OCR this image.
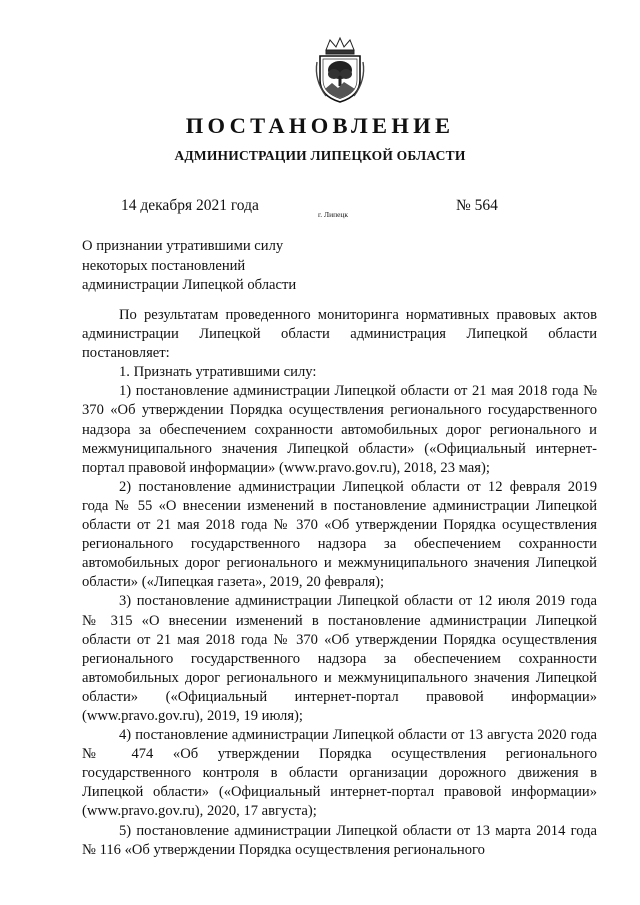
ПОСТАНОВЛЕНИЕ
АДМИНИСТРАЦИИ ЛИПЕЦКОЙ ОБЛАСТИ
14 декабря 2021 года
г. Липецк
№ 564
О признании утратившими силу
некоторых постановлений
администрации Липецкой области

По результатам проведенного мониторинга нормативных правовых актов администрации Липецкой области администрация Липецкой области постановляет:

1. Признать утратившими силу:

1) постановление администрации Липецкой области от 21 мая 2018 года № 370 «Об утверждении Порядка осуществления регионального государственного надзора за обеспечением сохранности автомобильных дорог регионального и межмуниципального значения Липецкой области» («Официальный интернет-портал правовой информации» (www.pravo.gov.ru), 2018, 23 мая);

2) постановление администрации Липецкой области от 12 февраля 2019 года № 55 «О внесении изменений в постановление администрации Липецкой области от 21 мая 2018 года № 370 «Об утверждении Порядка осуществления регионального государственного надзора за обеспечением сохранности автомобильных дорог регионального и межмуниципального значения Липецкой области» («Липецкая газета», 2019, 20 февраля);

3) постановление администрации Липецкой области от 12 июля 2019 года № 315 «О внесении изменений в постановление администрации Липецкой области от 21 мая 2018 года № 370 «Об утверждении Порядка осуществления регионального государственного надзора за обеспечением сохранности автомобильных дорог регионального и межмуниципального значения Липецкой области» («Официальный интернет-портал правовой информации» (www.pravo.gov.ru), 2019, 19 июля);

4) постановление администрации Липецкой области от 13 августа 2020 года № 474 «Об утверждении Порядка осуществления регионального государственного контроля в области организации дорожного движения в Липецкой области» («Официальный интернет-портал правовой информации» (www.pravo.gov.ru), 2020, 17 августа);

5) постановление администрации Липецкой области от 13 марта 2014 года № 116 «Об утверждении Порядка осуществления регионального
